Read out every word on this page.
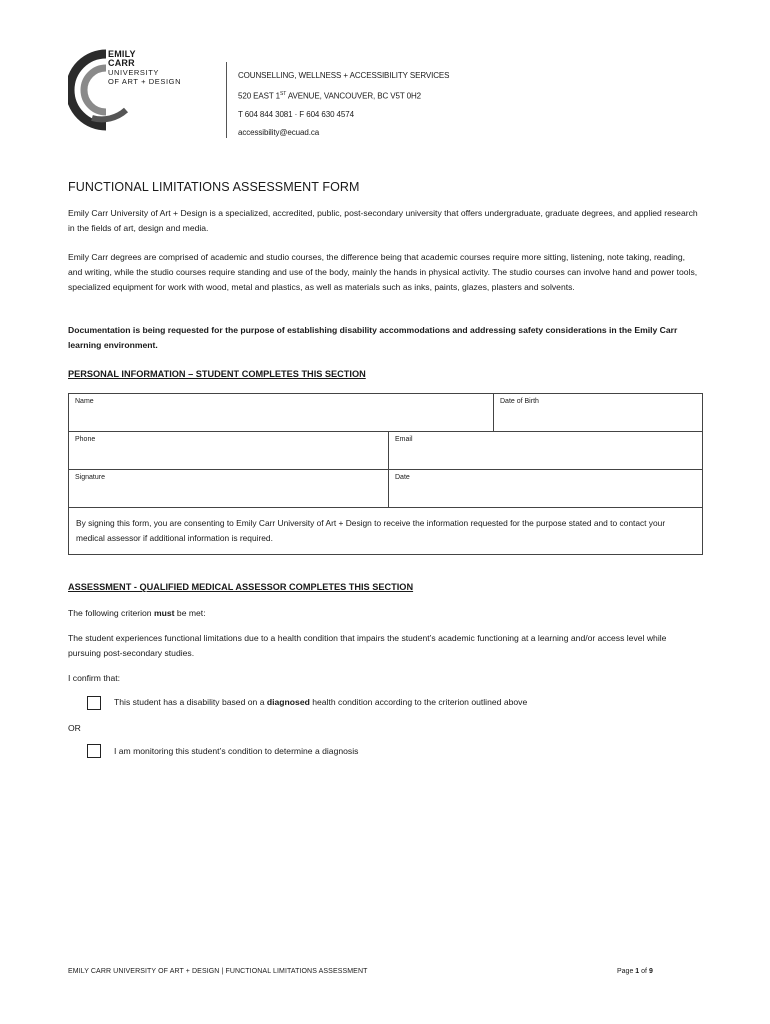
EMILY
CARR
UNIVERSITY
OF ART + DESIGN
COUNSELLING, WELLNESS + ACCESSIBILITY SERVICES
520 EAST 1ST AVENUE, VANCOUVER, BC V5T 0H2
T 604 844 3081 · F 604 630 4574
accessibility@ecuad.ca
FUNCTIONAL LIMITATIONS ASSESSMENT FORM
Emily Carr University of Art + Design is a specialized, accredited, public, post-secondary university that offers undergraduate, graduate degrees, and applied research in the fields of art, design and media.
Emily Carr degrees are comprised of academic and studio courses, the difference being that academic courses require more sitting, listening, note taking, reading, and writing, while the studio courses require standing and use of the body, mainly the hands in physical activity. The studio courses can involve hand and power tools, specialized equipment for work with wood, metal and plastics, as well as materials such as inks, paints, glazes, plasters and solvents.
Documentation is being requested for the purpose of establishing disability accommodations and addressing safety considerations in the Emily Carr learning environment.
PERSONAL INFORMATION – STUDENT COMPLETES THIS SECTION
Name		Date of Birth
Phone	Email	
Signature	Date	
By signing this form, you are consenting to Emily Carr University of Art + Design to receive the information requested for the purpose stated and to contact your medical assessor if additional information is required.		
ASSESSMENT - QUALIFIED MEDICAL ASSESSOR COMPLETES THIS SECTION
The following criterion must be met:
The student experiences functional limitations due to a health condition that impairs the student’s academic functioning at a learning and/or access level while pursuing post-secondary studies.
I confirm that:
This student has a disability based on a diagnosed health condition according to the criterion outlined above
OR
I am monitoring this student’s condition to determine a diagnosis
EMILY CARR UNIVERSITY OF ART + DESIGN | FUNCTIONAL LIMITATIONS ASSESSMENT	Page 1 of 9
